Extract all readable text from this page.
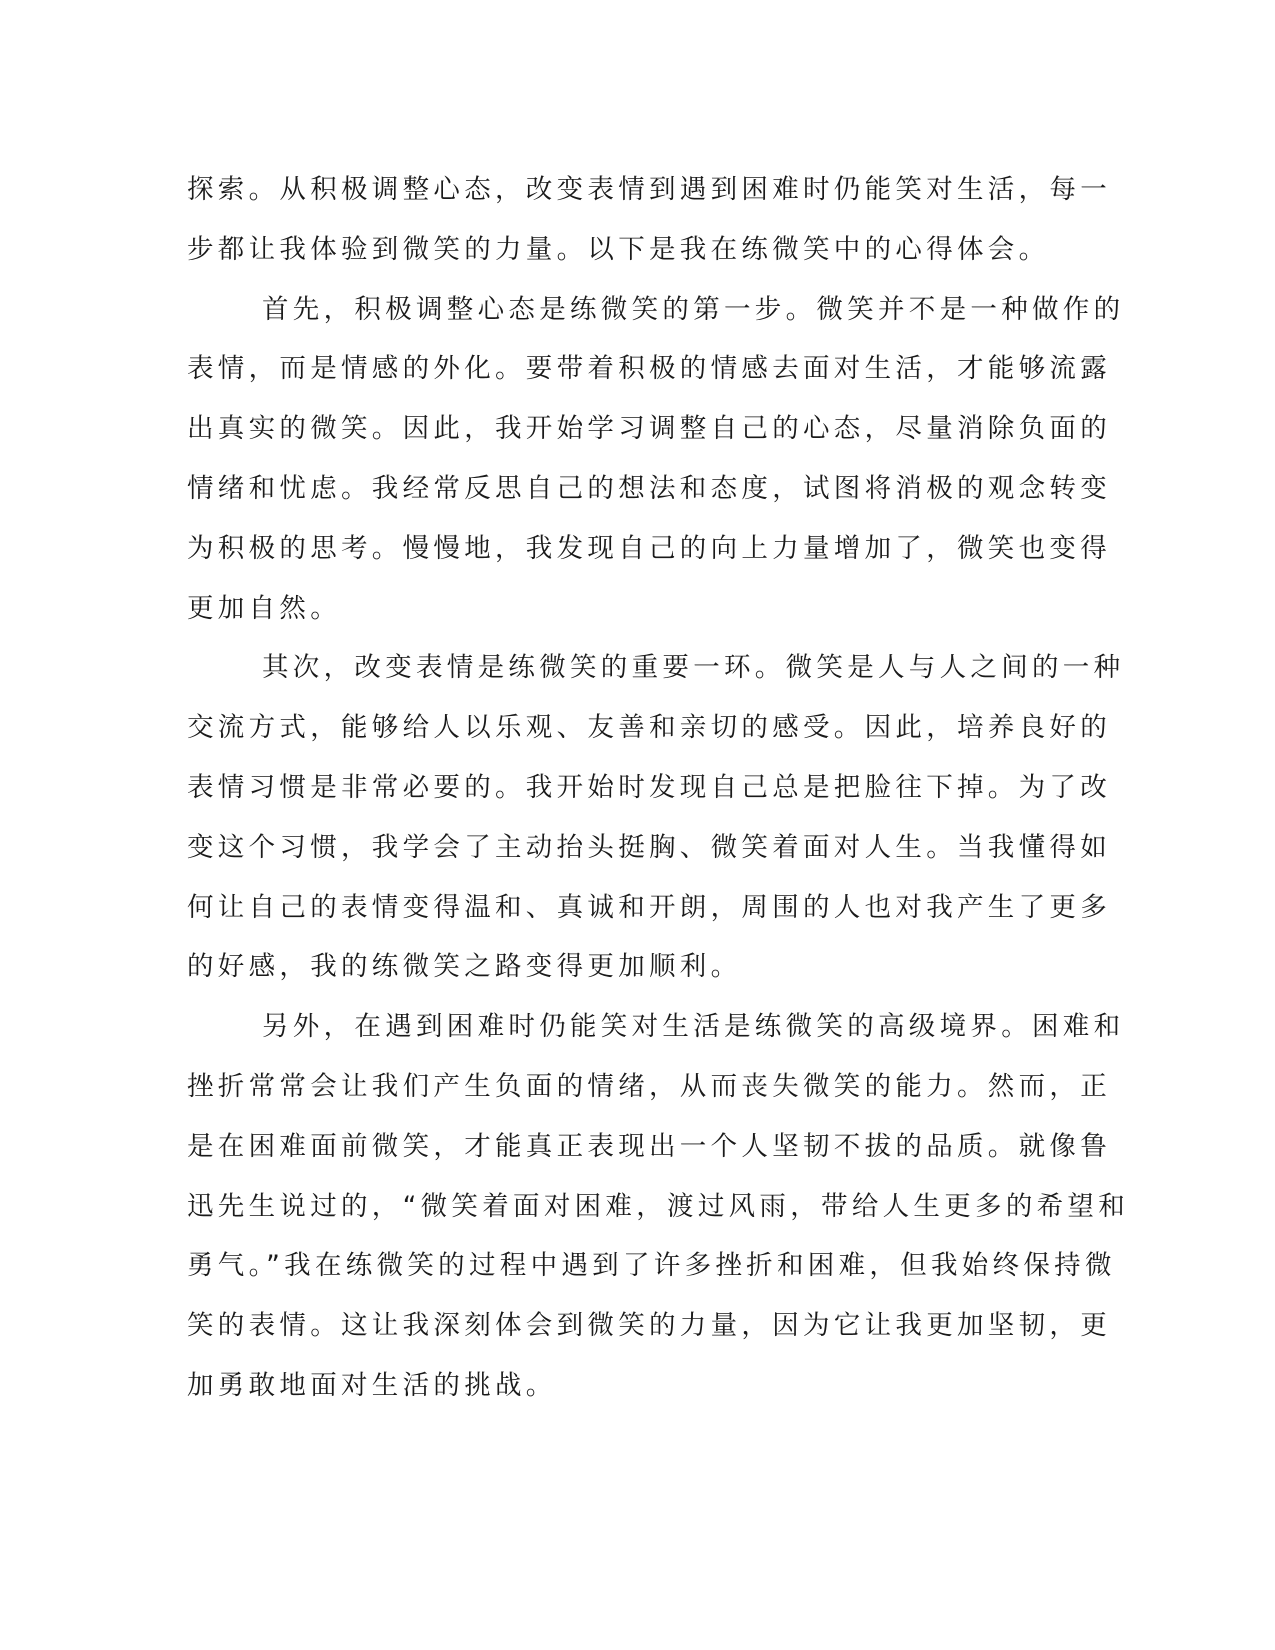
探索。从积极调整心态，改变表情到遇到困难时仍能笑对生活，每一
步都让我体验到微笑的力量。以下是我在练微笑中的心得体会。
首先，积极调整心态是练微笑的第一步。微笑并不是一种做作的
表情，而是情感的外化。要带着积极的情感去面对生活，才能够流露
出真实的微笑。因此，我开始学习调整自己的心态，尽量消除负面的
情绪和忧虑。我经常反思自己的想法和态度，试图将消极的观念转变
为积极的思考。慢慢地，我发现自己的向上力量增加了，微笑也变得
更加自然。
其次，改变表情是练微笑的重要一环。微笑是人与人之间的一种
交流方式，能够给人以乐观、友善和亲切的感受。因此，培养良好的
表情习惯是非常必要的。我开始时发现自己总是把脸往下掉。为了改
变这个习惯，我学会了主动抬头挺胸、微笑着面对人生。当我懂得如
何让自己的表情变得温和、真诚和开朗，周围的人也对我产生了更多
的好感，我的练微笑之路变得更加顺利。
另外，在遇到困难时仍能笑对生活是练微笑的高级境界。困难和
挫折常常会让我们产生负面的情绪，从而丧失微笑的能力。然而，正
是在困难面前微笑，才能真正表现出一个人坚韧不拔的品质。就像鲁
迅先生说过的，“微笑着面对困难，渡过风雨，带给人生更多的希望和
勇气。”我在练微笑的过程中遇到了许多挫折和困难，但我始终保持微
笑的表情。这让我深刻体会到微笑的力量，因为它让我更加坚韧，更
加勇敢地面对生活的挑战。
